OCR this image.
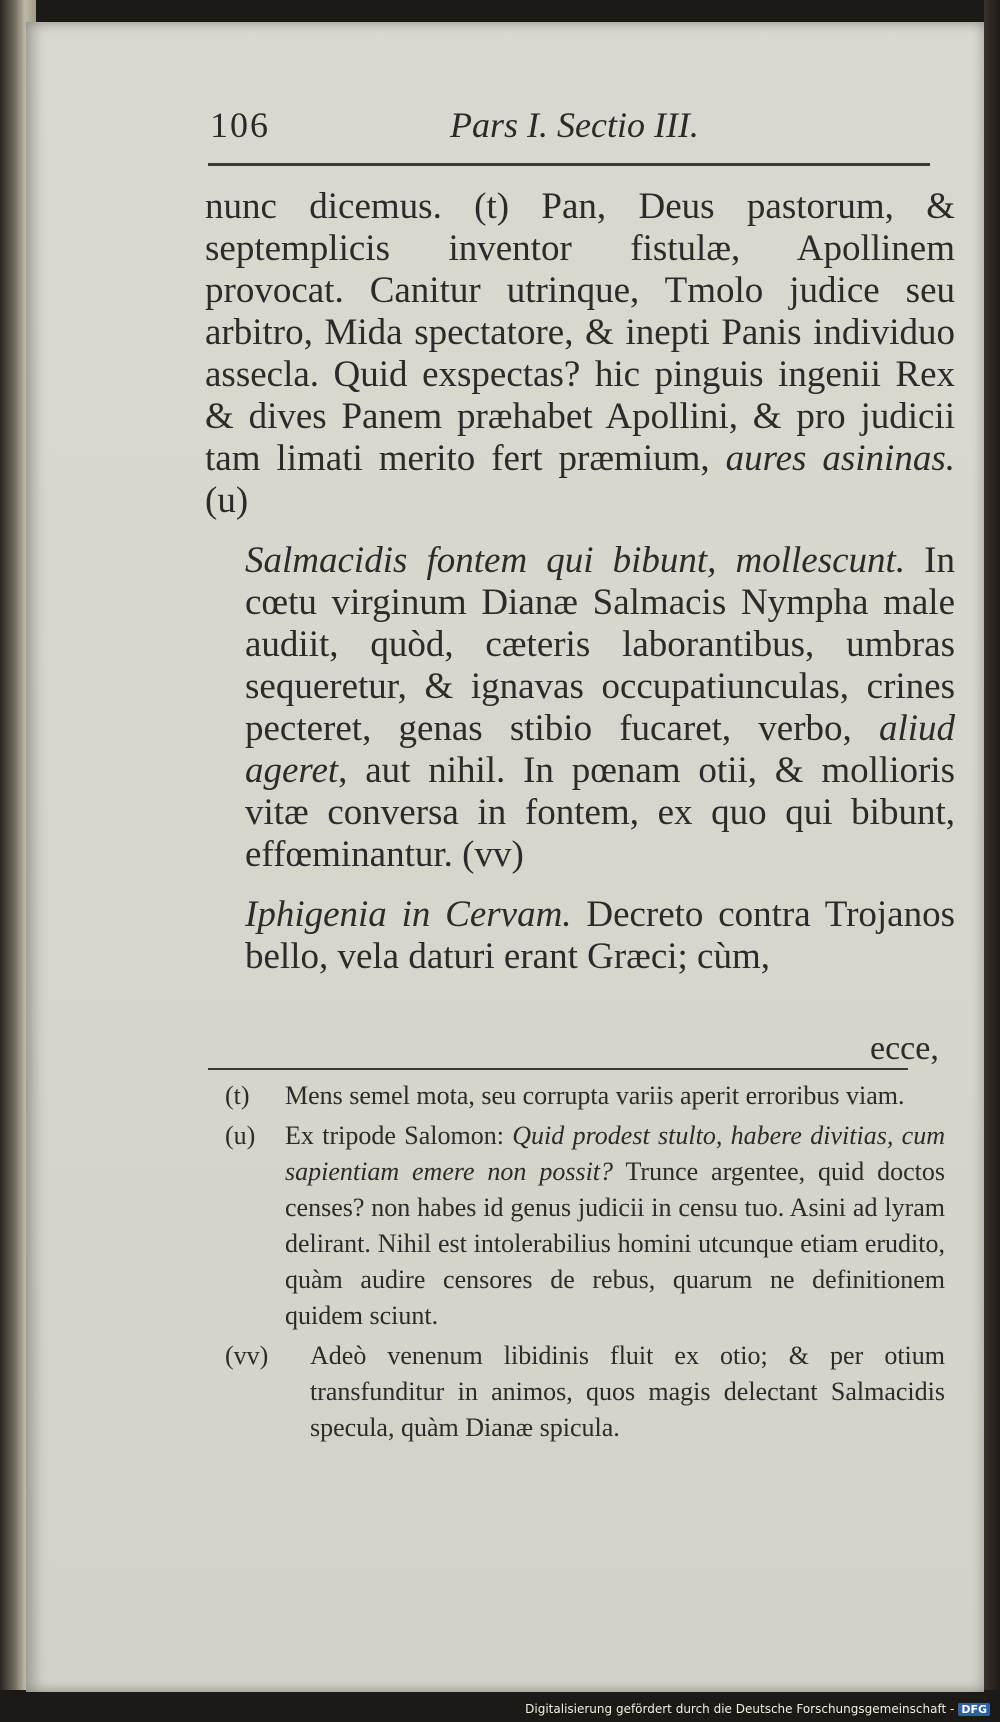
106	Pars I. Sectio III.

nunc dicemus. (t) Pan, Deus pastorum, & septemplicis inventor fistulæ, Apollinem provocat. Canitur utrinque, Tmolo judice seu arbitro, Mida spectatore, & inepti Panis individuo assecla. Quid exspectas? hic pinguis ingenii Rex & dives Panem præhabet Apollini, & pro judicii tam limati merito fert præmium, aures asininas. (u)

Salmacidis fontem qui bibunt, mollescunt. In cœtu virginum Dianæ Salmacis Nympha male audiit, quòd, cæteris laborantibus, umbras sequeretur, & ignavas occupatiunculas, crines pecteret, genas stibio fucaret, verbo, aliud ageret, aut nihil. In pœnam otii, & mollioris vitæ conversa in fontem, ex quo qui bibunt, effœminantur. (vv)

Iphigenia in Cervam. Decreto contra Trojanos bello, vela daturi erant Græci; cùm,

ecce,

(t) Mens semel mota, seu corrupta variis aperit erroribus viam.

(u) Ex tripode Salomon: Quid prodest stulto, habere divitias, cum sapientiam emere non possit? Trunce argentee, quid doctos censes? non habes id genus judicii in censu tuo. Asini ad lyram delirant. Nihil est intolerabilius homini utcunque etiam erudito, quàm audire censores de rebus, quarum ne definitionem quidem sciunt.

(vv) Adeò venenum libidinis fluit ex otio; & per otium transfunditur in animos, quos magis delectant Salmacidis specula, quàm Dianæ spicula.

Digitalisierung gefördert durch die Deutsche Forschungsgemeinschaft - DFG
